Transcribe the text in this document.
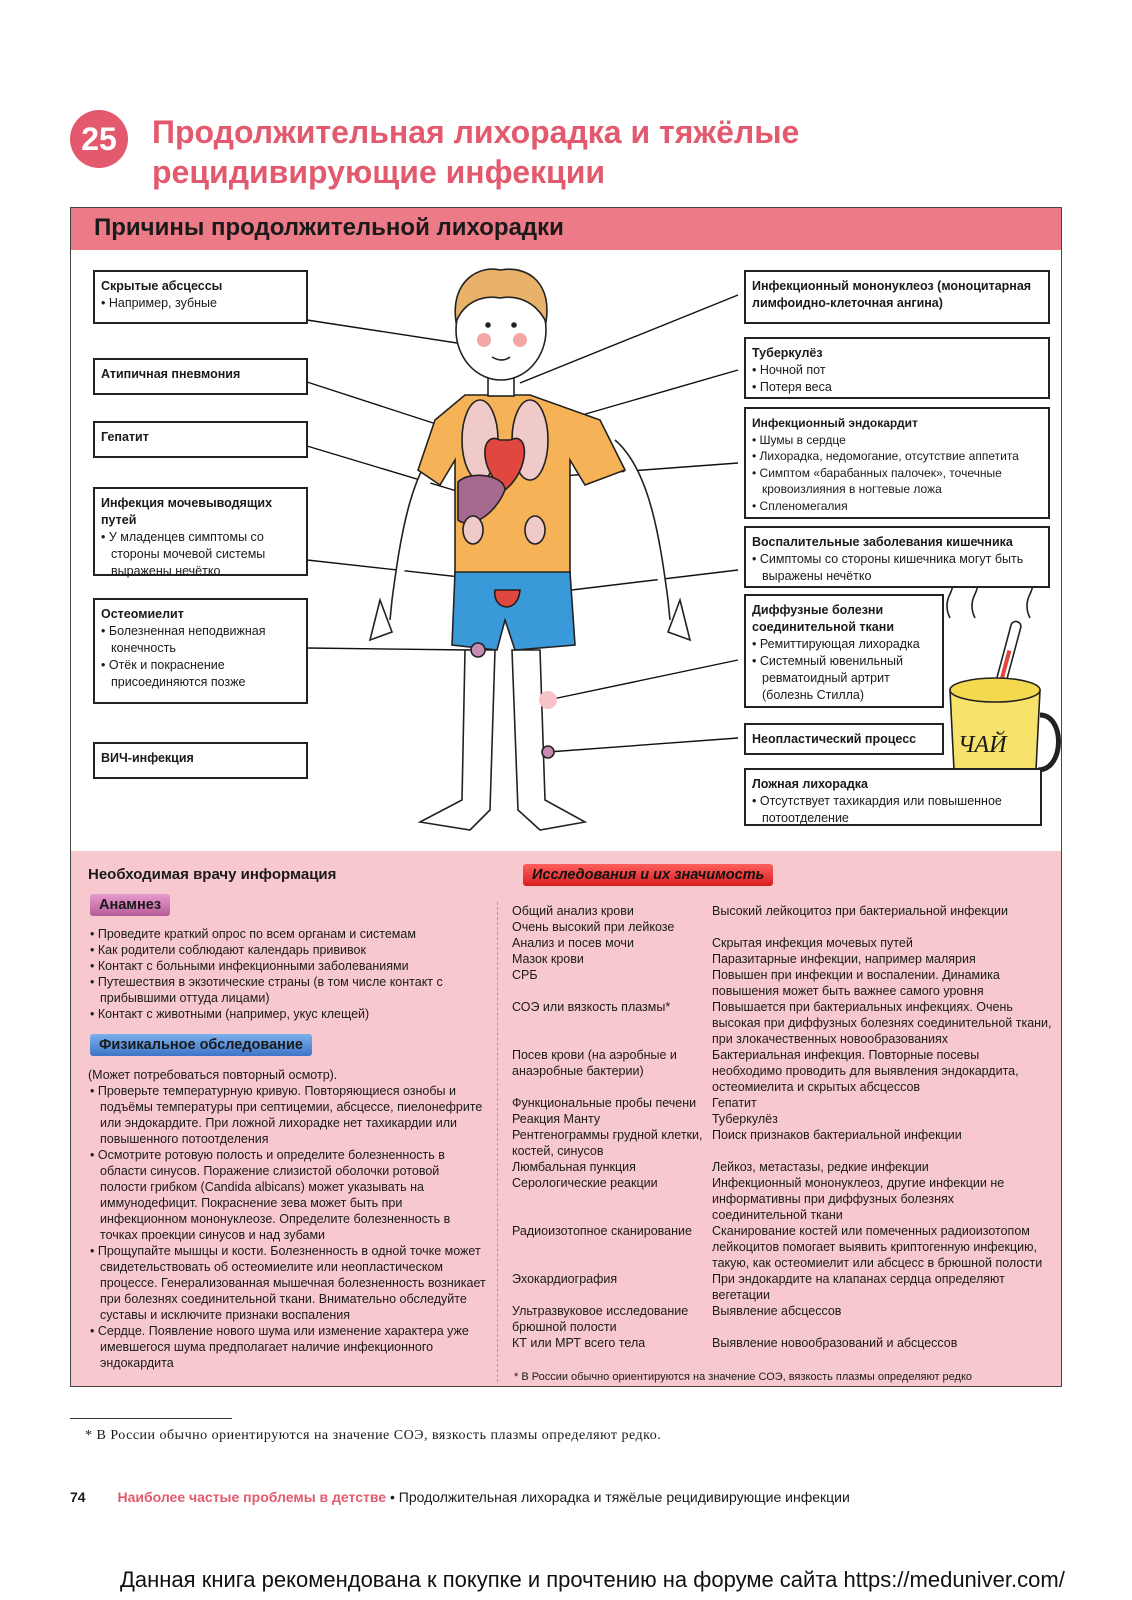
25	Продолжительная лихорадка и тяжёлые
рецидивирующие инфекции
Причины продолжительной лихорадки
ЧАЙ
Скрытые абсцессы
• Например, зубные
Атипичная пневмония
Гепатит
Инфекция мочевыводящих путей
• У младенцев симптомы со стороны мочевой системы выражены нечётко
Остеомиелит
• Болезненная неподвижная конечность
• Отёк и покраснение присоединяются позже
ВИЧ-инфекция
Инфекционный мононуклеоз (моноцитарная лимфоидно-клеточная ангина)
Туберкулёз
• Ночной пот
• Потеря веса
Инфекционный эндокардит
• Шумы в сердце
• Лихорадка, недомогание, отсутствие аппетита
• Симптом «барабанных палочек», точечные кровоизлияния в ногтевые ложа
• Спленомегалия
Воспалительные заболевания кишечника
• Симптомы со стороны кишечника могут быть выражены нечётко
Диффузные болезни соединительной ткани
• Ремиттирующая лихорадка
• Системный ювенильный ревматоидный артрит (болезнь Стилла)
Неопластический процесс
Ложная лихорадка
• Отсутствует тахикардия или повышенное потоотделение
Необходимая врачу информация
Анамнез
• Проведите краткий опрос по всем органам и системам
• Как родители соблюдают календарь прививок
• Контакт с больными инфекционными заболеваниями
• Путешествия в экзотические страны (в том числе контакт с прибывшими оттуда лицами)
• Контакт с животными (например, укус клещей)
Физикальное обследование
(Может потребоваться повторный осмотр).
• Проверьте температурную кривую. Повторяющиеся ознобы и подъёмы температуры при септицемии, абсцессе, пиелонефрите или эндокардите. При ложной лихорадке нет тахикардии или повышенного потоотделения
• Осмотрите ротовую полость и определите болезненность в области синусов. Поражение слизистой оболочки ротовой полости грибком (Candida albicans) может указывать на иммунодефицит. Покраснение зева может быть при инфекционном мононуклеозе. Определите болезненность в точках проекции синусов и над зубами
• Прощупайте мышцы и кости. Болезненность в одной точке может свидетельствовать об остеомиелите или неопластическом процессе. Генерализованная мышечная болезненность возникает при болезнях соединительной ткани. Внимательно обследуйте суставы и исключите признаки воспаления
• Сердце. Появление нового шума или изменение характера уже имевшегося шума предполагает наличие инфекционного эндокардита
Исследования и их значимость
Общий анализ крови	Высокий лейкоцитоз при бактериальной инфекции
Очень высокий при лейкозе	
Анализ и посев мочи	Скрытая инфекция мочевых путей
Мазок крови	Паразитарные инфекции, например малярия
СРБ	Повышен при инфекции и воспалении. Динамика повышения может быть важнее самого уровня
СОЭ или вязкость плазмы*	Повышается при бактериальных инфекциях. Очень высокая при диффузных болезнях соединительной ткани, при злокачественных новообразованиях
Посев крови (на аэробные и анаэробные бактерии)	Бактериальная инфекция. Повторные посевы необходимо проводить для выявления эндокардита, остеомиелита и скрытых абсцессов
Функциональные пробы печени	Гепатит
Реакция Манту	Туберкулёз
Рентгенограммы грудной клетки, костей, синусов	Поиск признаков бактериальной инфекции
Люмбальная пункция	Лейкоз, метастазы, редкие инфекции
Серологические реакции	Инфекционный мононуклеоз, другие инфекции не информативны при диффузных болезнях соединительной ткани
Радиоизотопное сканирование	Сканирование костей или помеченных радиоизотопом лейкоцитов помогает выявить криптогенную инфекцию, такую, как остеомиелит или абсцесс в брюшной полости
Эхокардиография	При эндокардите на клапанах сердца определяют вегетации
Ультразвуковое исследование брюшной полости	Выявление абсцессов
КТ или МРТ всего тела	Выявление новообразований и абсцессов
* В России обычно ориентируются на значение СОЭ, вязкость плазмы определяют редко
* В России обычно ориентируются на значение СОЭ, вязкость плазмы определяют редко.
74 Наиболее частые проблемы в детстве • Продолжительная лихорадка и тяжёлые рецидивирующие инфекции
Данная книга рекомендована к покупке и прочтению на форуме сайта https://meduniver.com/
